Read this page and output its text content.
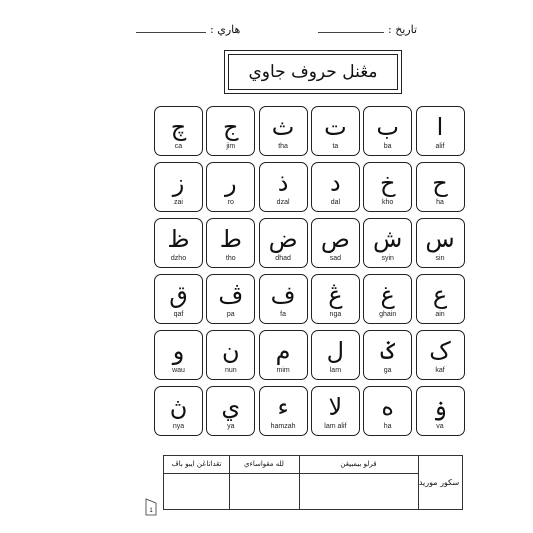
تاريخ :
هاري :
مڠنل حروف جاوي
ا
alif
ب
ba
ت
ta
ث
tha
ج
jim
چ
ca
ح
ha
خ
kho
د
dal
ذ
dzal
ر
ro
ز
zai
س
sin
ش
syin
ص
sad
ض
dhad
ط
tho
ظ
dzho
ع
ain
غ
ghain
ڠ
nga
ف
fa
ڤ
pa
ق
qaf
ک
kaf
ݢ
ga
ل
lam
م
mim
ن
nun
و
wau
ۏ
va
ه
ha
لا
lam alif
ء
hamzah
ي
ya
ڽ
nya
قرلو بيمبيڠن
لله مڠواساءي
تڠداتاڠن ايبو باڤ
سکور موريد
1
